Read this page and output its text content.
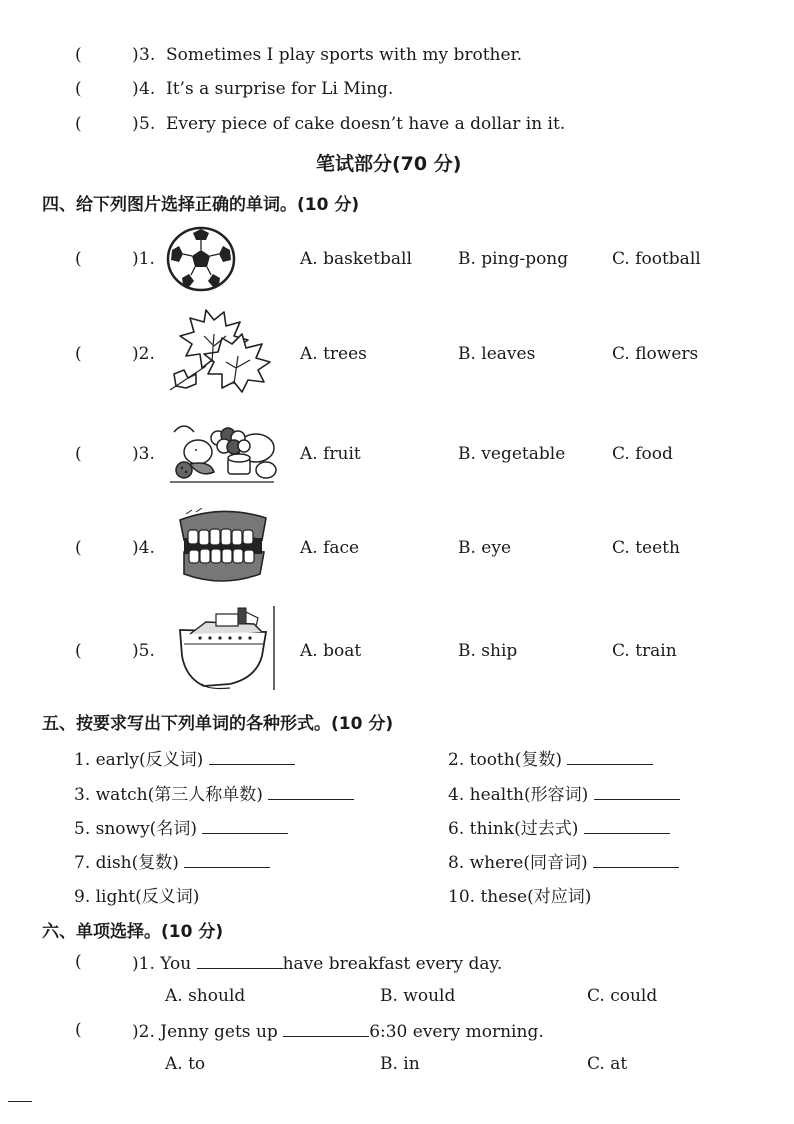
(	) 3. Sometimes I play sports with my brother.
(	) 4. It’s a surprise for Li Ming.
(	) 5. Every piece of cake doesn’t have a dollar in it.
笔试部分(70 分)
四、给下列图片选择正确的单词。(10 分)
(	)1.	A. basketball	B. ping-pong	C. football
(	)2.	A. trees	B. leaves	C. flowers
(	)3.	A. fruit	B. vegetable	C. food
(	)4.	A. face	B. eye	C. teeth
(	)5.	A. boat	B. ship	C. train
五、按要求写出下列单词的各种形式。(10 分)
1. early(反义词)	2. tooth(复数)
3. watch(第三人称单数)	4. health(形容词)
5. snowy(名词)	6. think(过去式)
7. dish(复数)	8. where(同音词)
9. light(反义词)	10. these(对应词)
六、单项选择。(10 分)
(	)1. You	have breakfast every day.
A. should	B. would	C. could
(	)2. Jenny gets up	6:30 every morning.
A. to	B. in	C. at
